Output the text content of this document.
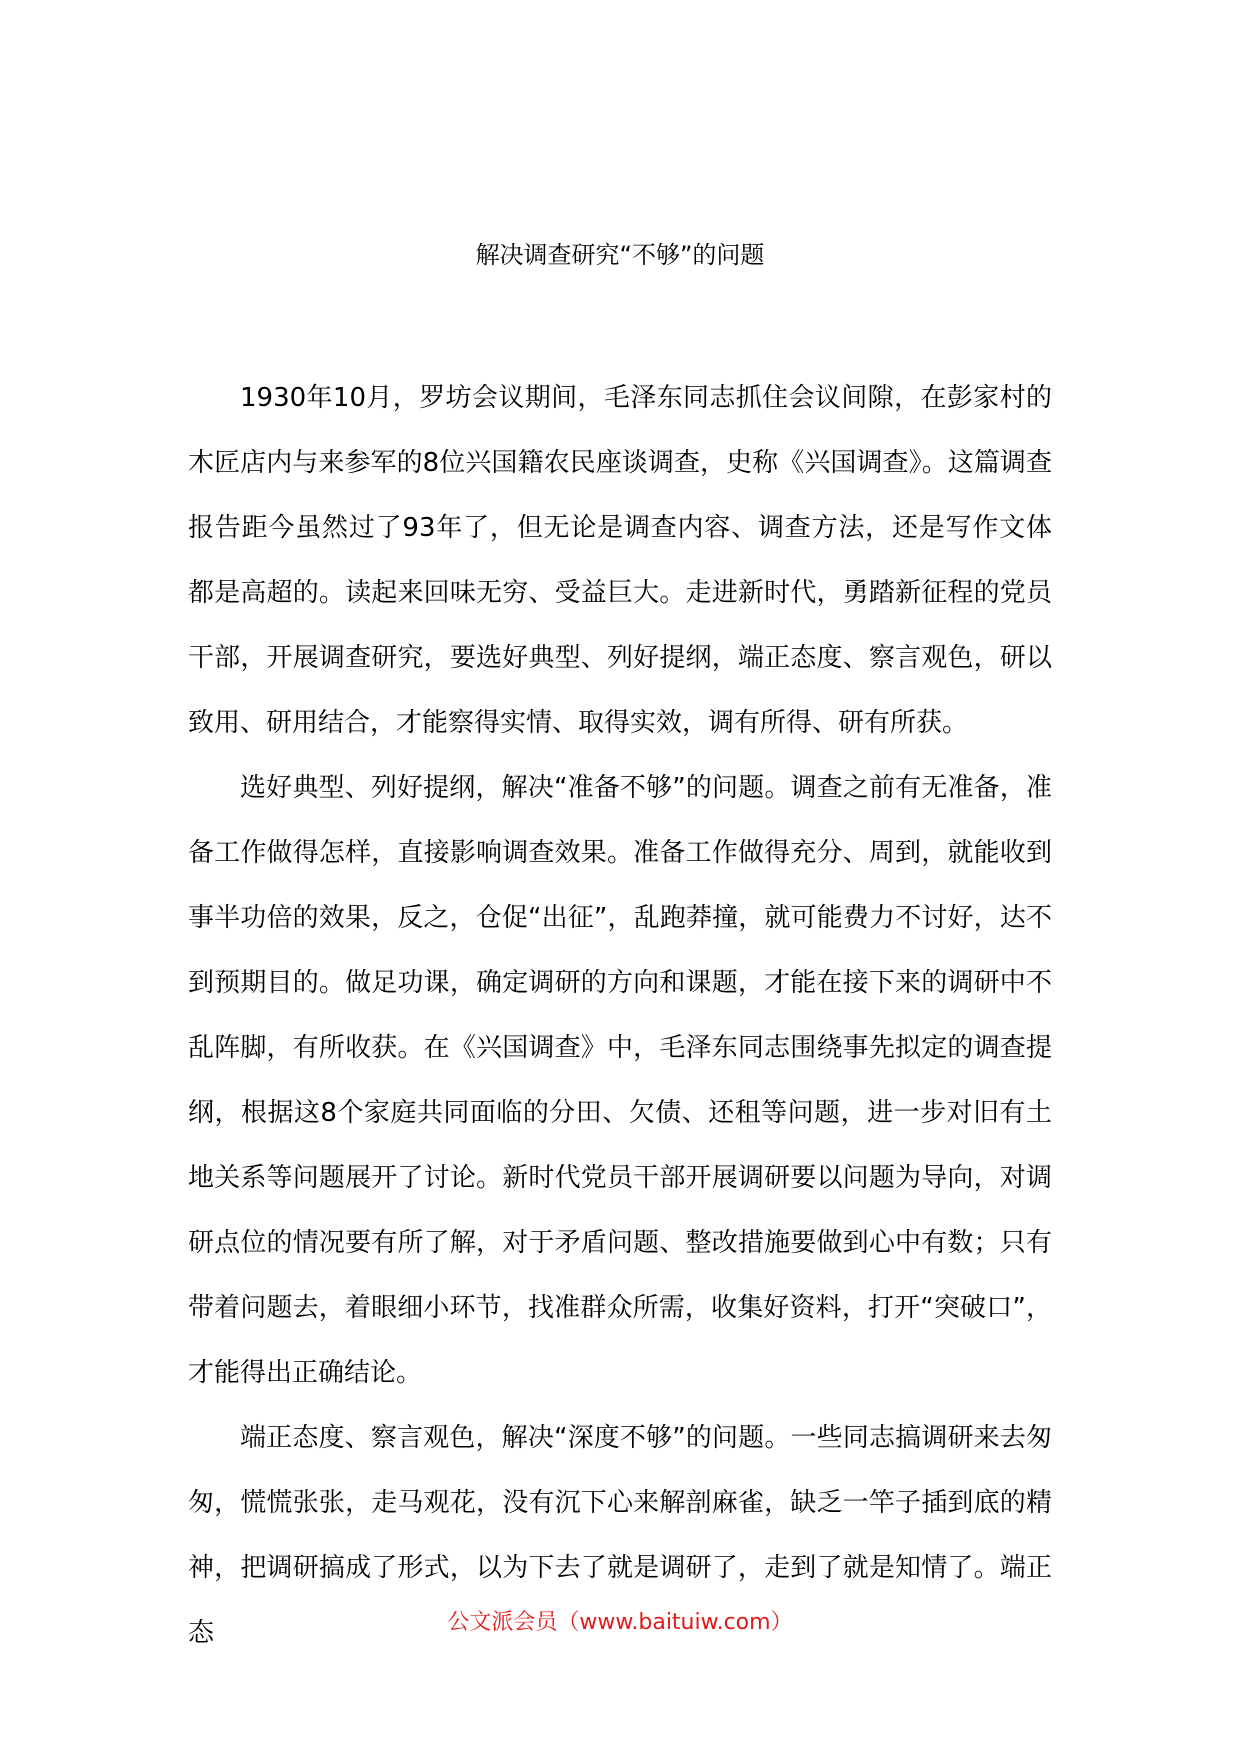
解决调查研究“不够”的问题

1930年10月，罗坊会议期间，毛泽东同志抓住会议间隙，在彭家村的木匠店内与来参军的8位兴国籍农民座谈调查，史称《兴国调查》。这篇调查报告距今虽然过了93年了，但无论是调查内容、调查方法，还是写作文体都是高超的。读起来回味无穷、受益巨大。走进新时代，勇踏新征程的党员干部，开展调查研究，要选好典型、列好提纲，端正态度、察言观色，研以致用、研用结合，才能察得实情、取得实效，调有所得、研有所获。

选好典型、列好提纲，解决“准备不够”的问题。调查之前有无准备，准备工作做得怎样，直接影响调查效果。准备工作做得充分、周到，就能收到事半功倍的效果，反之，仓促“出征”，乱跑莽撞，就可能费力不讨好，达不到预期目的。做足功课，确定调研的方向和课题，才能在接下来的调研中不乱阵脚，有所收获。在《兴国调查》中，毛泽东同志围绕事先拟定的调查提纲，根据这8个家庭共同面临的分田、欠债、还租等问题，进一步对旧有土地关系等问题展开了讨论。新时代党员干部开展调研要以问题为导向，对调研点位的情况要有所了解，对于矛盾问题、整改措施要做到心中有数；只有带着问题去，着眼细小环节，找准群众所需，收集好资料，打开“突破口”，才能得出正确结论。

端正态度、察言观色，解决“深度不够”的问题。一些同志搞调研来去匆匆，慌慌张张，走马观花，没有沉下心来解剖麻雀，缺乏一竿子插到底的精神，把调研搞成了形式，以为下去了就是调研了，走到了就是知情了。端正态	公文派会员（www.baituiw.com）
